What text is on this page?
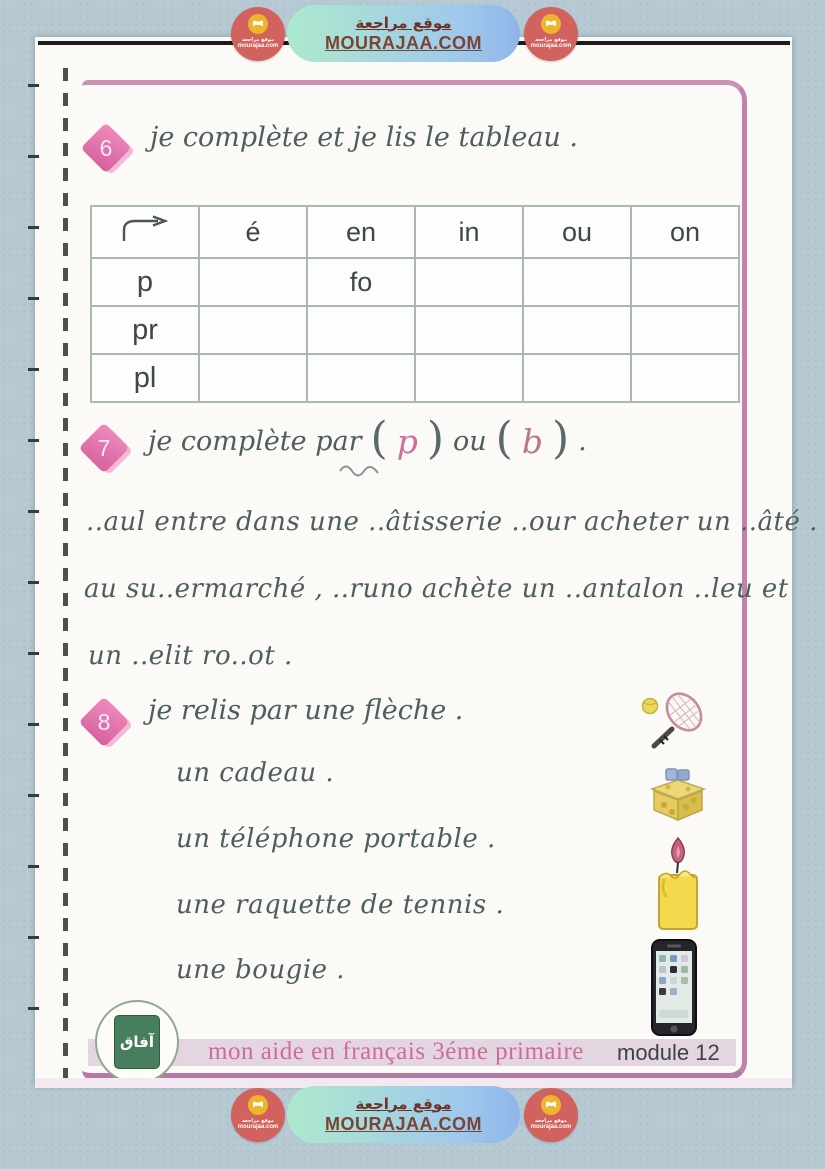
موقع مراجعة
MOURAJAA.COM
موقع مراجعة
mourajaa.com
موقع مراجعة
mourajaa.com
6	je complète et je lis le tableau .
	é	en	in	ou	on
p		fo			
pr					
pl					
7	je complète par ( p ) ou ( b ) .
..aul entre dans une ..âtisserie ..our acheter un ..âté .
au su..ermarché , ..runo achète un ..antalon ..leu et
un ..elit ro..ot .
8	je relis par une flèche .
un cadeau .
un téléphone portable .
une raquette de tennis .
une bougie .
mon aide en français 3éme primaire module 12
آفاق
موقع مراجعة
MOURAJAA.COM
موقع مراجعة
mourajaa.com
موقع مراجعة
mourajaa.com
